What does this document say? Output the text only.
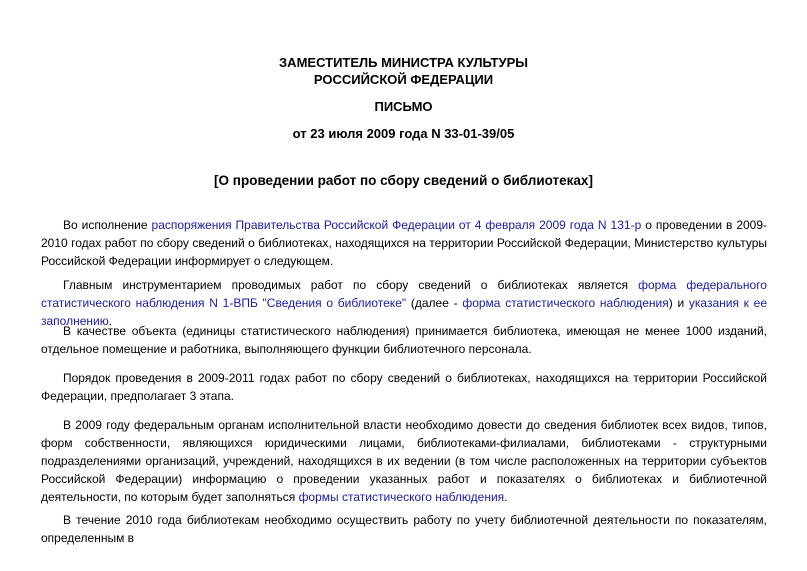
ЗАМЕСТИТЕЛЬ МИНИСТРА КУЛЬТУРЫ
РОССИЙСКОЙ ФЕДЕРАЦИИ
ПИСЬМО
от 23 июля 2009 года N 33-01-39/05
[О проведении работ по сбору сведений о библиотеках]

Во исполнение распоряжения Правительства Российской Федерации от 4 февраля 2009 года N 131-р о проведении в 2009-2010 годах работ по сбору сведений о библиотеках, находящихся на территории Российской Федерации, Министерство культуры Российской Федерации информирует о следующем.

Главным инструментарием проводимых работ по сбору сведений о библиотеках является форма федерального статистического наблюдения N 1-ВПБ "Сведения о библиотеке" (далее - форма статистического наблюдения) и указания к ее заполнению.

В качестве объекта (единицы статистического наблюдения) принимается библиотека, имеющая не менее 1000 изданий, отдельное помещение и работника, выполняющего функции библиотечного персонала.

Порядок проведения в 2009-2011 годах работ по сбору сведений о библиотеках, находящихся на территории Российской Федерации, предполагает 3 этапа.

В 2009 году федеральным органам исполнительной власти необходимо довести до сведения библиотек всех видов, типов, форм собственности, являющихся юридическими лицами, библиотеками-филиалами, библиотеками - структурными подразделениями организаций, учреждений, находящихся в их ведении (в том числе расположенных на территории субъектов Российской Федерации) информацию о проведении указанных работ и показателях о библиотеках и библиотечной деятельности, по которым будет заполняться формы статистического наблюдения.

В течение 2010 года библиотекам необходимо осуществить работу по учету библиотечной деятельности по показателям, определенным в
